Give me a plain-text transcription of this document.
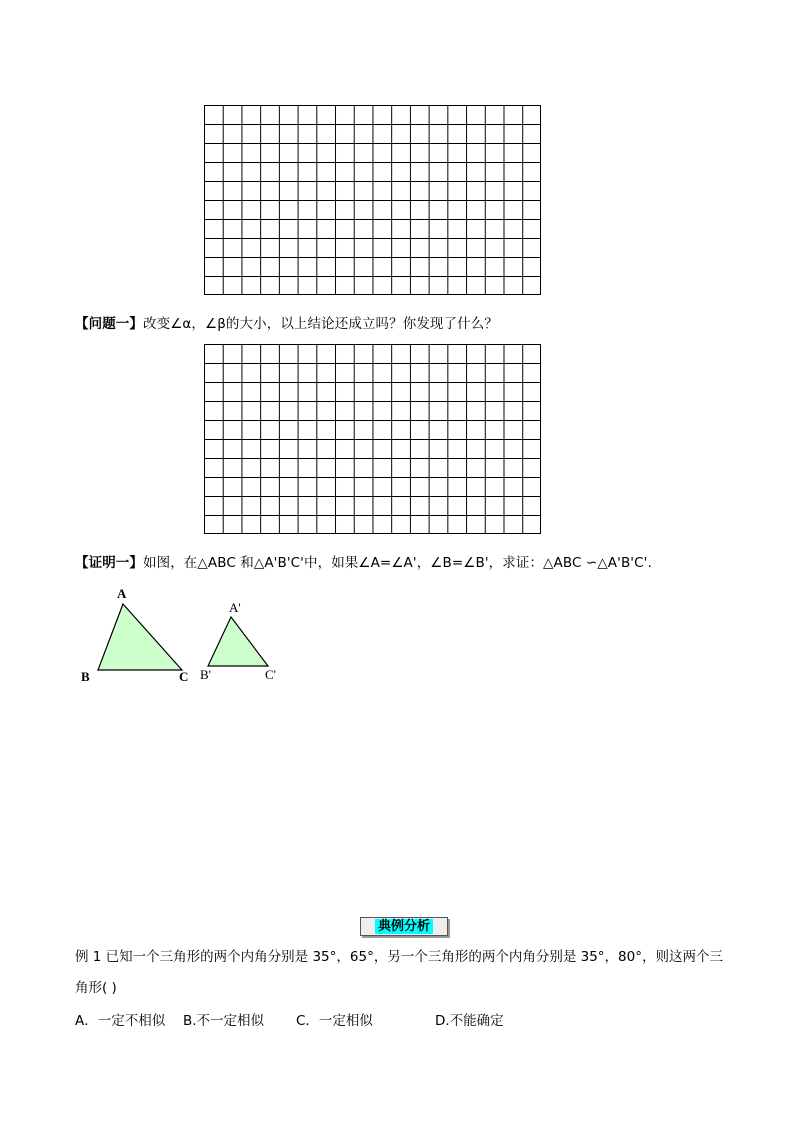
【问题一】改变∠α，∠β的大小，以上结论还成立吗？你发现了什么？
【证明一】如图，在△ABC 和△A'B'C'中，如果∠A=∠A'，∠B=∠B'，求证：△ABC ∽△A'B'C'.
A
B	C
A'
B'	C'
典例分析
例 1 已知一个三角形的两个内角分别是 35°，65°，另一个三角形的两个内角分别是 35°，80°，则这两个三
角形( )
A．一定不相似 B.不一定相似 C．一定相似	D.不能确定
